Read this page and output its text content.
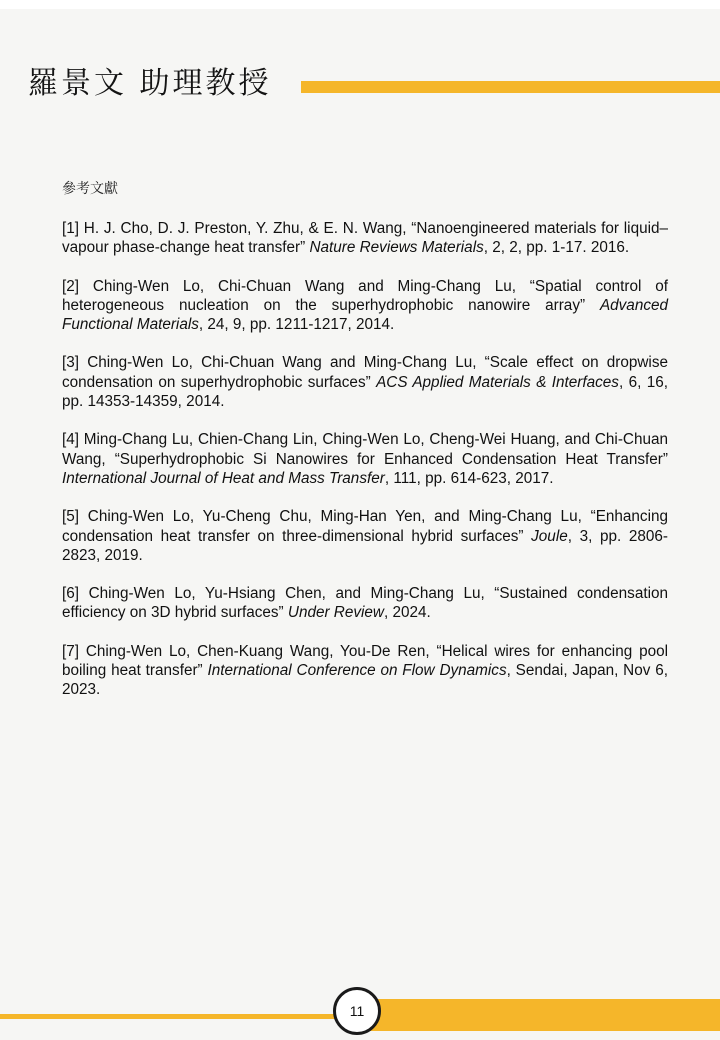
羅景文 助理教授
參考文獻

[1] H. J. Cho, D. J. Preston, Y. Zhu, & E. N. Wang, “Nanoengineered materials for liquid–vapour phase-change heat transfer” Nature Reviews Materials, 2, 2, pp. 1-17. 2016.

[2] Ching-Wen Lo, Chi-Chuan Wang and Ming-Chang Lu, “Spatial control of heterogeneous nucleation on the superhydrophobic nanowire array” Advanced Functional Materials, 24, 9, pp. 1211-1217, 2014.

[3] Ching-Wen Lo, Chi-Chuan Wang and Ming-Chang Lu, “Scale effect on dropwise condensation on superhydrophobic surfaces” ACS Applied Materials & Interfaces, 6, 16, pp. 14353-14359, 2014.

[4] Ming-Chang Lu, Chien-Chang Lin, Ching-Wen Lo, Cheng-Wei Huang, and Chi-Chuan Wang, “Superhydrophobic Si Nanowires for Enhanced Condensation Heat Transfer” International Journal of Heat and Mass Transfer, 111, pp. 614-623, 2017.

[5] Ching-Wen Lo, Yu-Cheng Chu, Ming-Han Yen, and Ming-Chang Lu, “Enhancing condensation heat transfer on three-dimensional hybrid surfaces” Joule, 3, pp. 2806-2823, 2019.

[6] Ching-Wen Lo, Yu-Hsiang Chen, and Ming-Chang Lu, “Sustained condensation efficiency on 3D hybrid surfaces” Under Review, 2024.

[7] Ching-Wen Lo, Chen-Kuang Wang, You-De Ren, “Helical wires for enhancing pool boiling heat transfer” International Conference on Flow Dynamics, Sendai, Japan, Nov 6, 2023.

11
